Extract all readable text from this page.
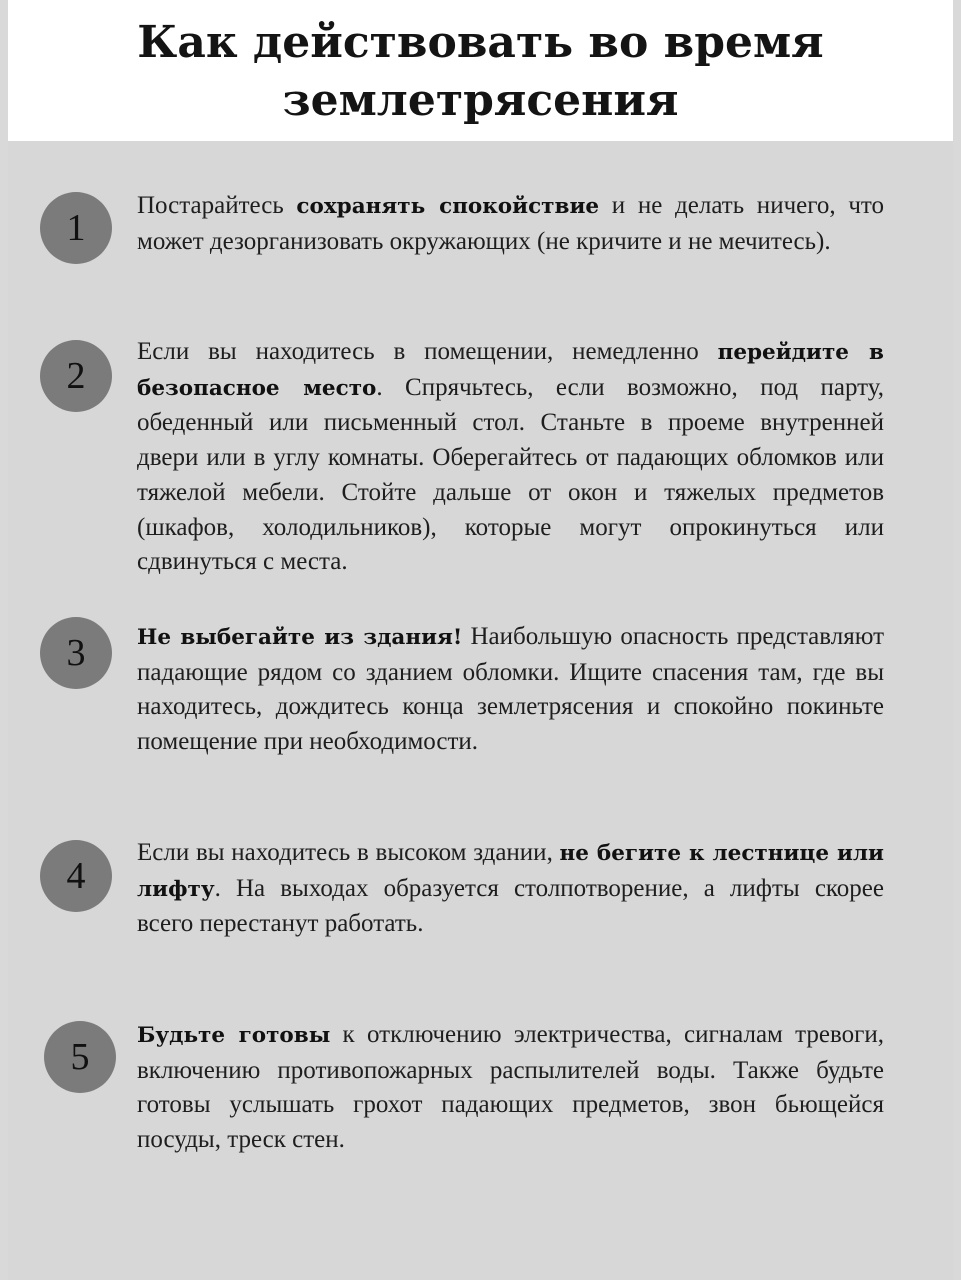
Как действовать во время землетрясения
1

Постарайтесь сохранять спокойствие и не делать ничего, что может дезорганизовать окружающих (не кричите и не мечитесь).

2

Если вы находитесь в помещении, немедленно перейдите в безопасное место. Спрячьтесь, если возможно, под парту, обеденный или письменный стол. Станьте в проеме внутренней двери или в углу комнаты. Оберегайтесь от падающих обломков или тяжелой мебели. Стойте дальше от окон и тяжелых предметов (шкафов, холодильников), которые могут опрокинуться или сдвинуться с места.

3	Не выбегайте из здания! Наибольшую опасность представляют падающие рядом со зданием обломки. Ищите спасения там, где вы находитесь, дождитесь конца землетрясения и спокойно покиньте помещение при необходимости.

4

Если вы находитесь в высоком здании, не бегите к лестнице или лифту. На выходах образуется столпотворение, а лифты скорее всего перестанут работать.

5

Будьте готовы к отключению электричества, сигналам тревоги, включению противопожарных распылителей воды. Также будьте готовы услышать грохот падающих предметов, звон бьющейся посуды, треск стен.
